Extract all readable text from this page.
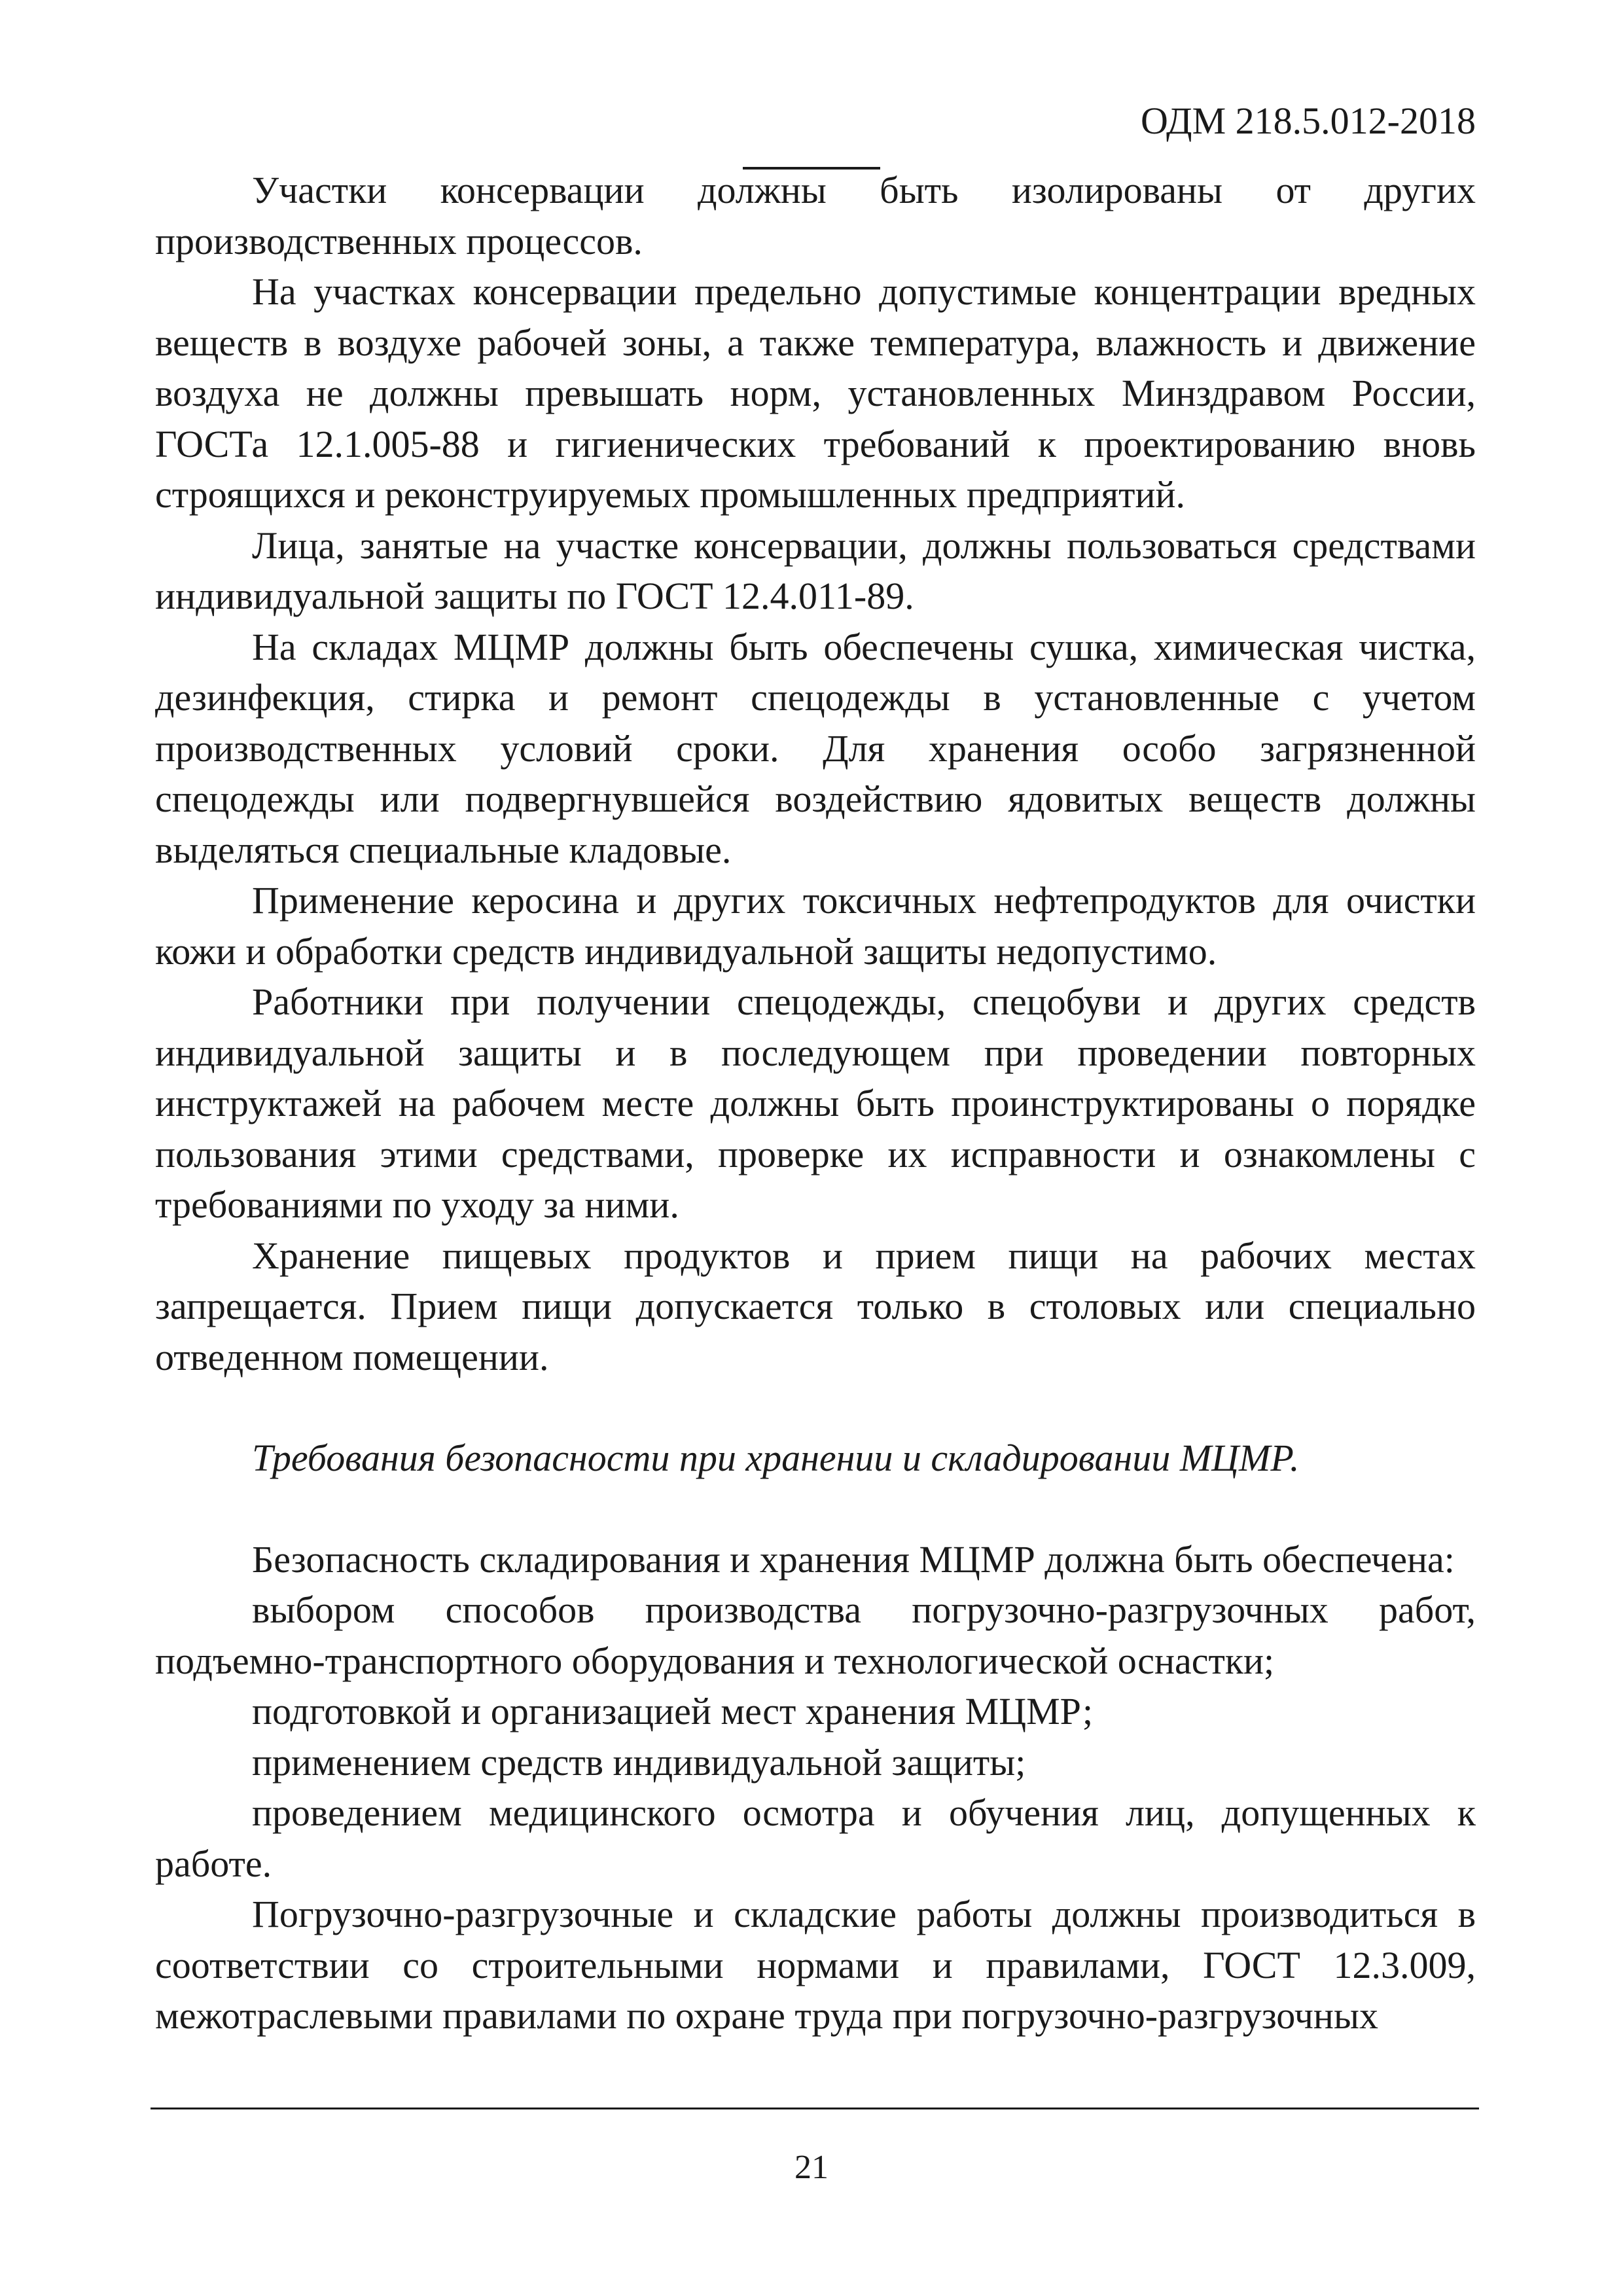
ОДМ 218.5.012-2018

Участки консервации должны быть изолированы от других производственных процессов.

На участках консервации предельно допустимые концентрации вредных веществ в воздухе рабочей зоны, а также температура, влажность и движение воздуха не должны превышать норм, установленных Минздравом России, ГОСТа 12.1.005-88 и гигиенических требований к проектированию вновь строящихся и реконструируемых промышленных предприятий.

Лица, занятые на участке консервации, должны пользоваться средствами индивидуальной защиты по ГОСТ 12.4.011-89.

На складах МЦМР должны быть обеспечены сушка, химическая чистка, дезинфекция, стирка и ремонт спецодежды в установленные с учетом производственных условий сроки. Для хранения особо загрязненной спецодежды или подвергнувшейся воздействию ядовитых веществ должны выделяться специальные кладовые.

Применение керосина и других токсичных нефтепродуктов для очистки кожи и обработки средств индивидуальной защиты недопустимо.

Работники при получении спецодежды, спецобуви и других средств индивидуальной защиты и в последующем при проведении повторных инструктажей на рабочем месте должны быть проинструктированы о порядке пользования этими средствами, проверке их исправности и ознакомлены с требованиями по уходу за ними.

Хранение пищевых продуктов и прием пищи на рабочих местах запрещается. Прием пищи допускается только в столовых или специально отведенном помещении.

Требования безопасности при хранении и складировании МЦМР.

Безопасность складирования и хранения МЦМР должна быть обеспечена:

выбором способов производства погрузочно-разгрузочных работ, подъемно-транспортного оборудования и технологической оснастки;

подготовкой и организацией мест хранения МЦМР;

применением средств индивидуальной защиты;

проведением медицинского осмотра и обучения лиц, допущенных к работе.

Погрузочно-разгрузочные и складские работы должны производиться в соответствии со строительными нормами и правилами, ГОСТ 12.3.009, межотраслевыми правилами по охране труда при погрузочно-разгрузочных

21
